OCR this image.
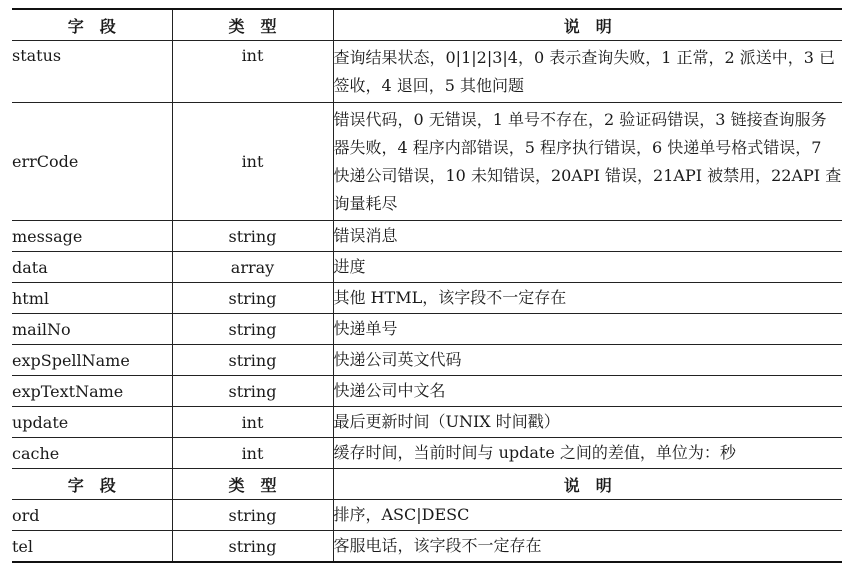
字　段	类　型	说　明
status	int	查询结果状态，0|1|2|3|4，0 表示查询失败，1 正常，2 派送中，3 已签收，4 退回，5 其他问题
errCode	int	错误代码，0 无错误，1 单号不存在，2 验证码错误，3 链接查询服务器失败，4 程序内部错误，5 程序执行错误，6 快递单号格式错误，7 快递公司错误，10 未知错误，20API 错误，21API 被禁用，22API 查询量耗尽
message	string	错误消息
data	array	进度
html	string	其他 HTML，该字段不一定存在
mailNo	string	快递单号
expSpellName	string	快递公司英文代码
expTextName	string	快递公司中文名
update	int	最后更新时间（UNIX 时间戳）
cache	int	缓存时间，当前时间与 update 之间的差值，单位为：秒
字　段	类　型	说　明
ord	string	排序，ASC|DESC
tel	string	客服电话，该字段不一定存在
